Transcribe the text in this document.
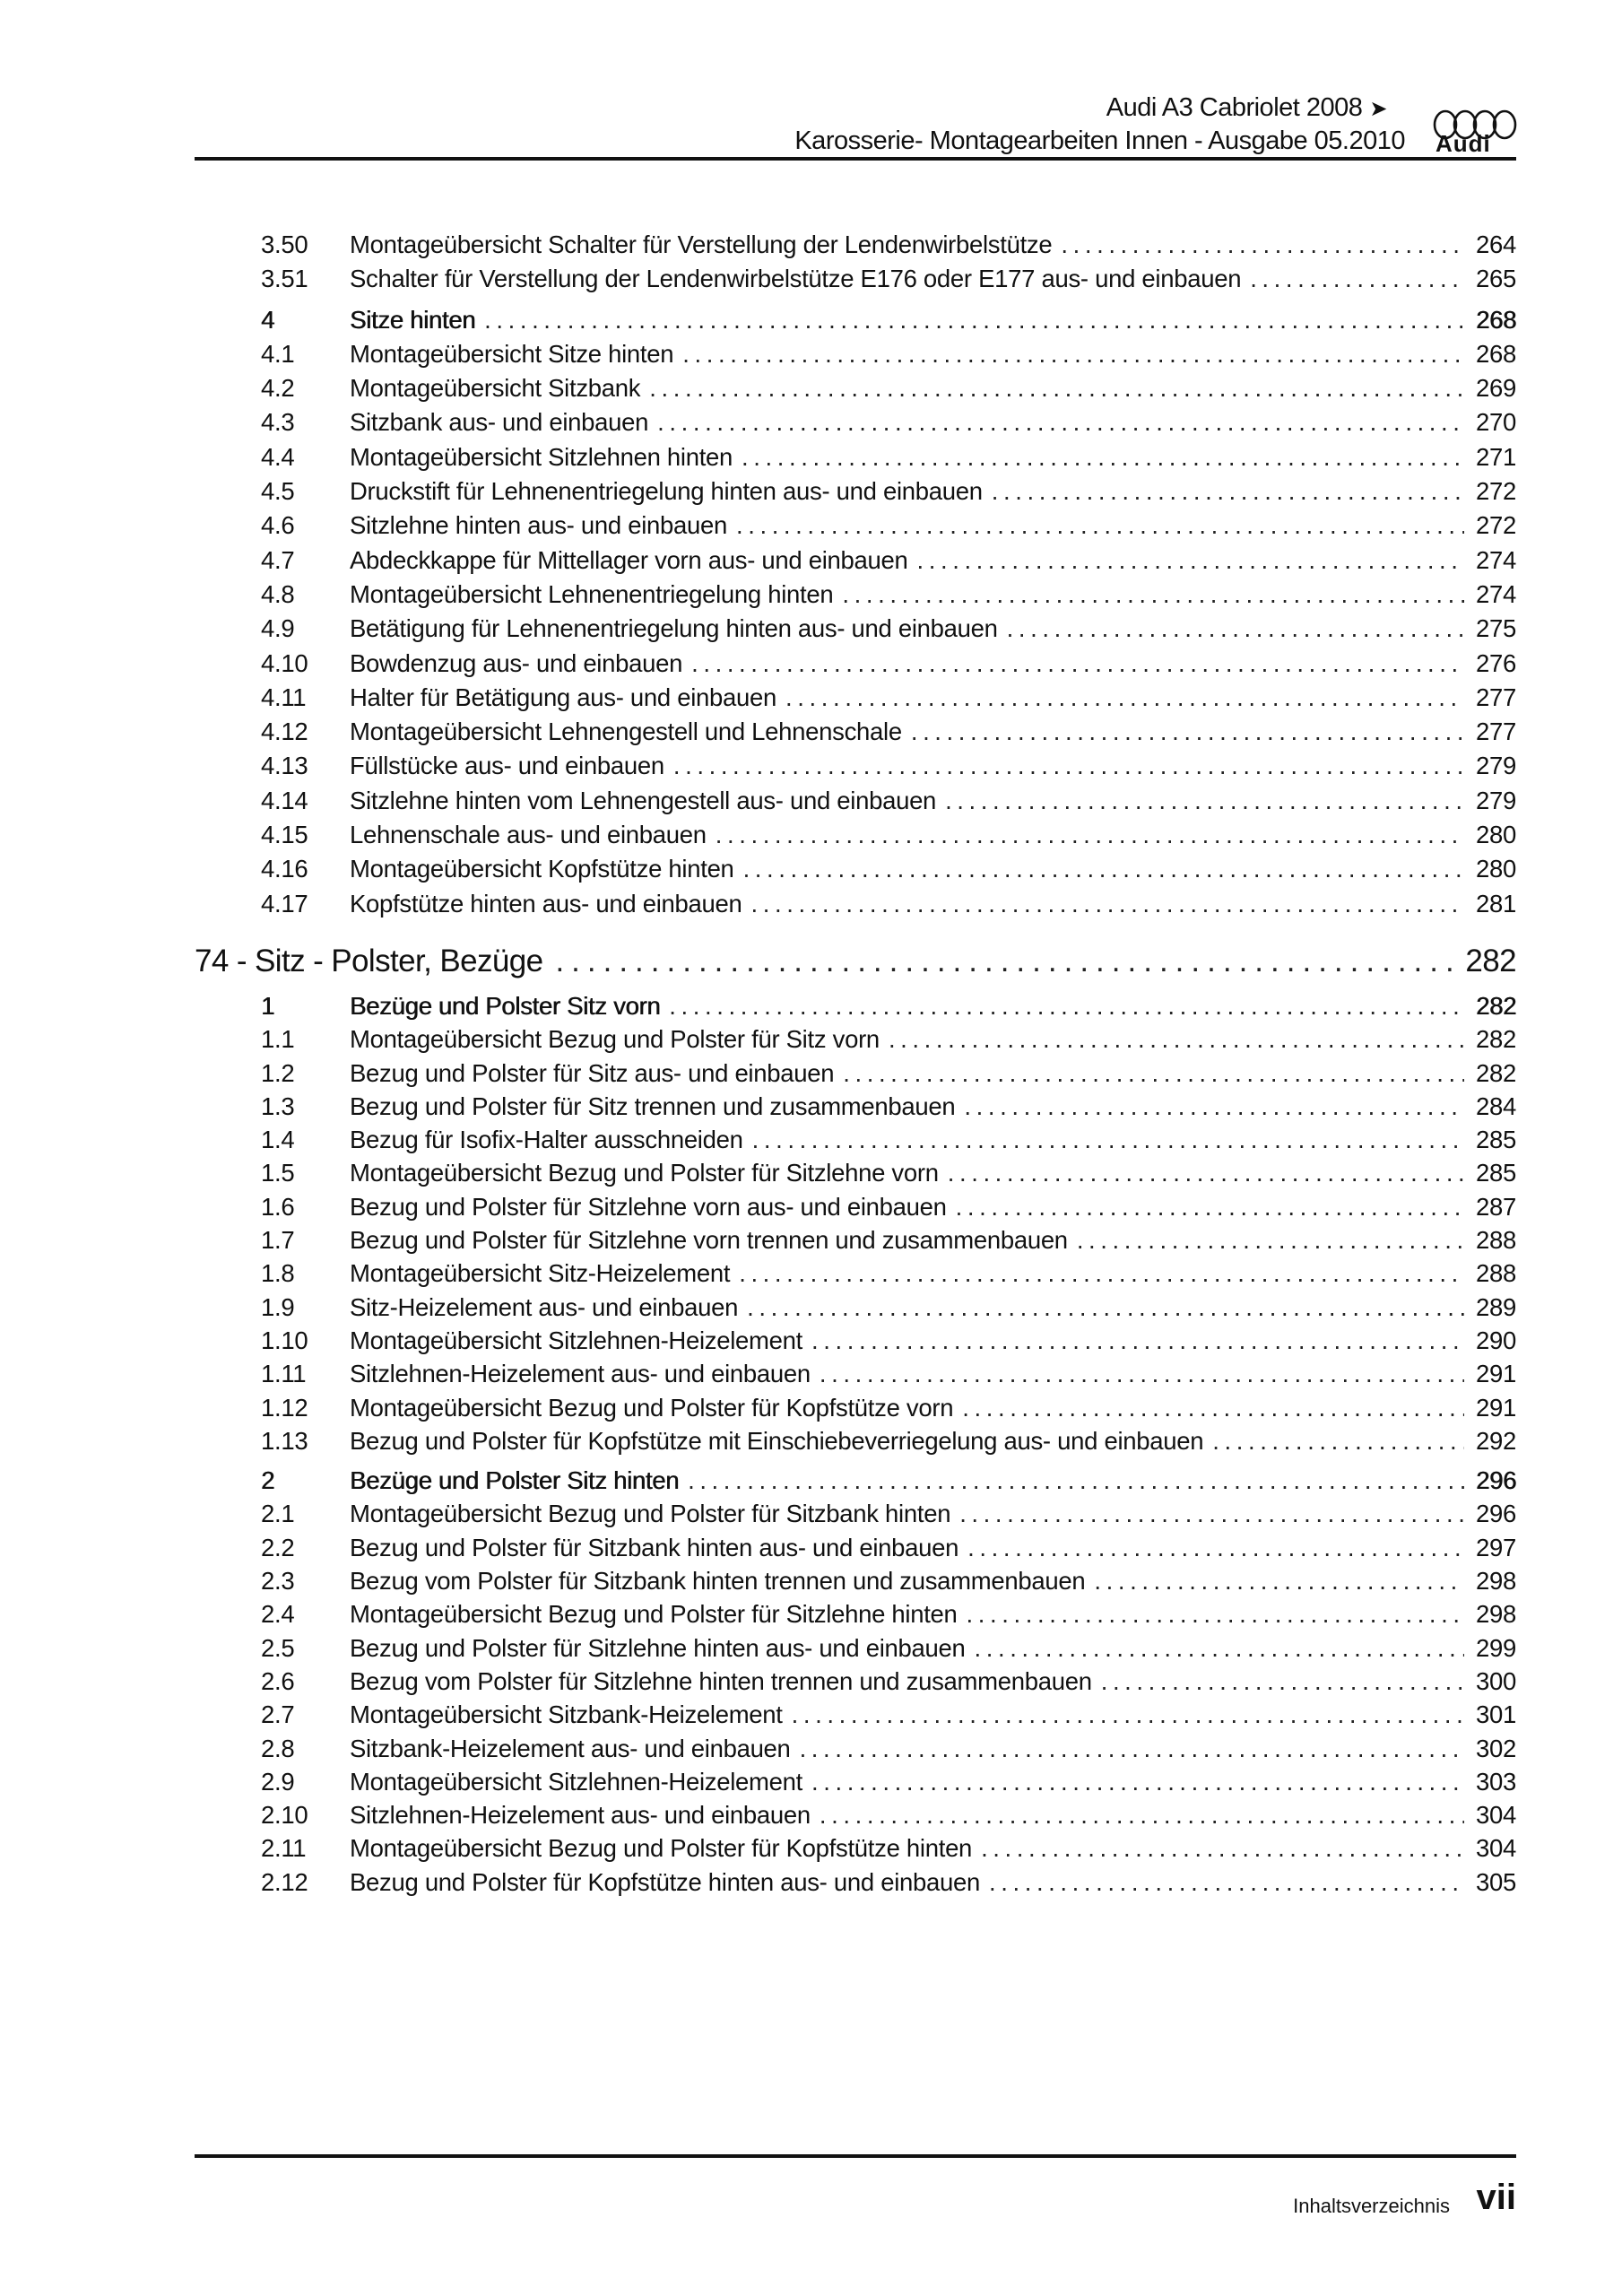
Audi A3 Cabriolet 2008 ➤
Karosserie- Montagearbeiten Innen - Ausgabe 05.2010 Audi
3.50	Montageübersicht Schalter für Verstellung der Lendenwirbelstütze .....	264
3.51	Schalter für Verstellung der Lendenwirbelstütze E176 oder E177 aus- und einbauen .....	265
4	Sitze hinten .....	268
4.1	Montageübersicht Sitze hinten .....	268
4.2	Montageübersicht Sitzbank .....	269
4.3	Sitzbank aus- und einbauen .....	270
4.4	Montageübersicht Sitzlehnen hinten .....	271
4.5	Druckstift für Lehnenentriegelung hinten aus- und einbauen .....	272
4.6	Sitzlehne hinten aus- und einbauen .....	272
4.7	Abdeckkappe für Mittellager vorn aus- und einbauen .....	274
4.8	Montageübersicht Lehnenentriegelung hinten .....	274
4.9	Betätigung für Lehnenentriegelung hinten aus- und einbauen .....	275
4.10	Bowdenzug aus- und einbauen .....	276
4.11	Halter für Betätigung aus- und einbauen .....	277
4.12	Montageübersicht Lehnengestell und Lehnenschale .....	277
4.13	Füllstücke aus- und einbauen .....	279
4.14	Sitzlehne hinten vom Lehnengestell aus- und einbauen .....	279
4.15	Lehnenschale aus- und einbauen .....	280
4.16	Montageübersicht Kopfstütze hinten .....	280
4.17	Kopfstütze hinten aus- und einbauen .....	281
74 - Sitz - Polster, Bezüge .....	282
1	Bezüge und Polster Sitz vorn .....	282
1.1	Montageübersicht Bezug und Polster für Sitz vorn .....	282
1.2	Bezug und Polster für Sitz aus- und einbauen .....	282
1.3	Bezug und Polster für Sitz trennen und zusammenbauen .....	284
1.4	Bezug für Isofix-Halter ausschneiden .....	285
1.5	Montageübersicht Bezug und Polster für Sitzlehne vorn .....	285
1.6	Bezug und Polster für Sitzlehne vorn aus- und einbauen .....	287
1.7	Bezug und Polster für Sitzlehne vorn trennen und zusammenbauen .....	288
1.8	Montageübersicht Sitz-Heizelement .....	288
1.9	Sitz-Heizelement aus- und einbauen .....	289
1.10	Montageübersicht Sitzlehnen-Heizelement .....	290
1.11	Sitzlehnen-Heizelement aus- und einbauen .....	291
1.12	Montageübersicht Bezug und Polster für Kopfstütze vorn .....	291
1.13	Bezug und Polster für Kopfstütze mit Einschiebeverriegelung aus- und einbauen .....	292
2	Bezüge und Polster Sitz hinten .....	296
2.1	Montageübersicht Bezug und Polster für Sitzbank hinten .....	296
2.2	Bezug und Polster für Sitzbank hinten aus- und einbauen .....	297
2.3	Bezug vom Polster für Sitzbank hinten trennen und zusammenbauen .....	298
2.4	Montageübersicht Bezug und Polster für Sitzlehne hinten .....	298
2.5	Bezug und Polster für Sitzlehne hinten aus- und einbauen .....	299
2.6	Bezug vom Polster für Sitzlehne hinten trennen und zusammenbauen .....	300
2.7	Montageübersicht Sitzbank-Heizelement .....	301
2.8	Sitzbank-Heizelement aus- und einbauen .....	302
2.9	Montageübersicht Sitzlehnen-Heizelement .....	303
2.10	Sitzlehnen-Heizelement aus- und einbauen .....	304
2.11	Montageübersicht Bezug und Polster für Kopfstütze hinten .....	304
2.12	Bezug und Polster für Kopfstütze hinten aus- und einbauen .....	305
Inhaltsverzeichnis vii
